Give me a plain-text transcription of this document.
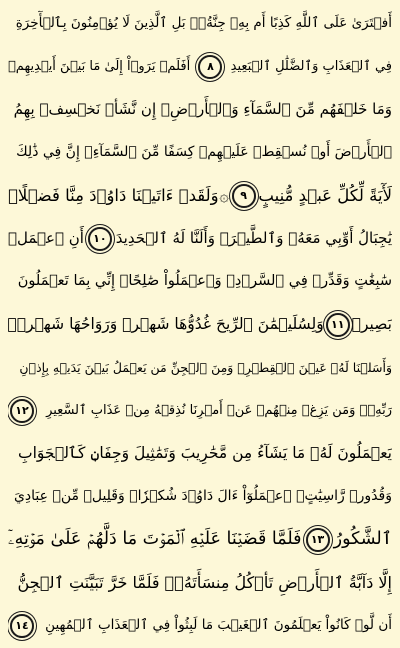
أَفۡتَرَىٰ عَلَى ٱللَّهِ كَذِبًا أَم بِهِۦ جِنَّةُۢۗ بَلِ ٱلَّذِينَ لَا يُؤۡمِنُونَ بِٱلۡأٓخِرَةِ
فِي ٱلۡعَذَابِ وَٱلضَّلَٰلِ ٱلۡبَعِيدِ
٨
أَفَلَمۡ يَرَوۡاْ إِلَىٰ مَا بَيۡنَ أَيۡدِيهِمۡ
وَمَا خَلۡفَهُم مِّنَ ٱلسَّمَآءِ وَٱلۡأَرۡضِۚ إِن نَّشَأۡ نَخۡسِفۡ بِهِمُ
ٱلۡأَرۡضَ أَوۡ نُسۡقِطۡ عَلَيۡهِمۡ كِسَفًا مِّنَ ٱلسَّمَآءِۚ إِنَّ فِي ذَٰلِكَ
لَأٓيَةً لِّكُلِّ عَبۡدٍ مُّنِيبٍ
٩
۞
وَلَقَدۡ ءَاتَيۡنَا دَاوُۥدَ مِنَّا فَضۡلًاۖ
يَٰجِبَالُ أَوِّبِي مَعَهُۥ وَٱلطَّيۡرَۖ وَأَلَنَّا لَهُ ٱلۡحَدِيدَ
١٠
أَنِ ٱعۡمَلۡ
سَٰبِغَٰتٍ وَقَدِّرۡ فِي ٱلسَّرۡدِۖ وَٱعۡمَلُواْ صَٰلِحًاۖ إِنِّي بِمَا تَعۡمَلُونَ
بَصِيرٞ
١١
وَلِسُلَيۡمَٰنَ ٱلرِّيحَ غُدُوُّهَا شَهۡرٞ وَرَوَاحُهَا شَهۡرٞۖ
وَأَسَلۡنَا لَهُۥ عَيۡنَ ٱلۡقِطۡرِۖ وَمِنَ ٱلۡجِنِّ مَن يَعۡمَلُ بَيۡنَ يَدَيۡهِ بِإِذۡنِ
رَبِّهِۦۖ وَمَن يَزِغۡ مِنۡهُمۡ عَنۡ أَمۡرِنَا نُذِقۡهُ مِنۡ عَذَابِ ٱلسَّعِيرِ
١٢
يَعۡمَلُونَ لَهُۥ مَا يَشَآءُ مِن مَّحَٰرِيبَ وَتَمَٰثِيلَ وَجِفَانٖ كَٱلۡجَوَابِ
وَقُدُورٖ رَّاسِيَٰتٍۚ ٱعۡمَلُوٓاْ ءَالَ دَاوُۥدَ شُكۡرٗاۚ وَقَلِيلٞ مِّنۡ عِبَادِيَ
ٱلشَّكُورُ
١٣
فَلَمَّا قَضَيۡنَا عَلَيۡهِ ٱلۡمَوۡتَ مَا دَلَّهُمۡ عَلَىٰ مَوۡتِهِۦٓ
إِلَّا دَآبَّةُ ٱلۡأَرۡضِ تَأۡكُلُ مِنسَأَتَهُۥۖ فَلَمَّا خَرَّ تَبَيَّنَتِ ٱلۡجِنُّ
أَن لَّوۡ كَانُواْ يَعۡلَمُونَ ٱلۡغَيۡبَ مَا لَبِثُواْ فِي ٱلۡعَذَابِ ٱلۡمُهِينِ
١٤
